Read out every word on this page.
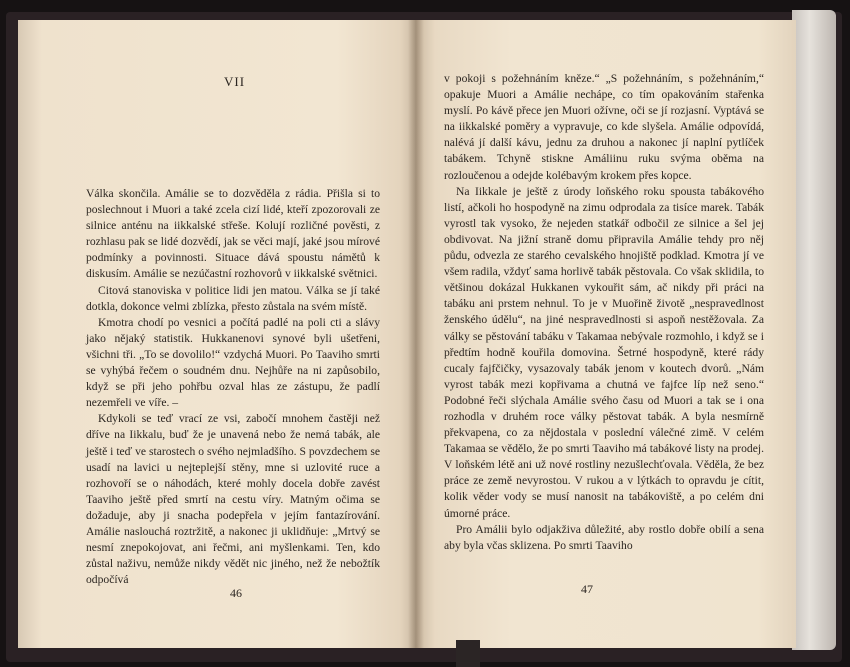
VII

Válka skončila. Amálie se to dozvěděla z rádia. Přišla si to poslechnout i Muori a také zcela cizí lidé, kteří zpozorovali ze silnice anténu na iikkalské střeše. Kolují rozličné pověsti, z rozhlasu pak se lidé dozvědí, jak se věci mají, jaké jsou mírové podmínky a povinnosti. Situace dává spoustu námětů k diskusím. Amálie se nezúčastní rozhovorů v iikkalské světnici.

Citová stanoviska v politice lidi jen matou. Válka se jí také dotkla, dokonce velmi zblízka, přesto zůstala na svém místě.

Kmotra chodí po vesnici a počítá padlé na poli cti a slávy jako nějaký statistik. Hukkanenovi synové byli ušetřeni, všichni tři. „To se dovolilo!“ vzdychá Muori. Po Taaviho smrti se vyhýbá řečem o soudném dnu. Nejhůře na ni zapůsobilo, když se při jeho pohřbu ozval hlas ze zástupu, že padlí nezemřeli ve víře. –

Kdykoli se teď vrací ze vsi, zabočí mnohem častěji než dříve na Iikkalu, buď že je unavená nebo že nemá tabák, ale ještě i teď ve starostech o svého nejmladšího. S povzdechem se usadí na lavici u nejteplejší stěny, mne si uzlovité ruce a rozhovoří se o náhodách, které mohly docela dobře zavést Taaviho ještě před smrtí na cestu víry. Matným očima se dožaduje, aby ji snacha podepřela v jejím fantazírování. Amálie naslouchá roztržitě, a nakonec ji uklidňuje: „Mrtvý se nesmí znepokojovat, ani řečmi, ani myšlenkami. Ten, kdo zůstal naživu, nemůže nikdy vědět nic jiného, než že nebožtík odpočívá

46

v pokoji s požehnáním kněze.“ „S požehnáním, s požehnáním,“ opakuje Muori a Amálie nechápe, co tím opakováním stařenka myslí. Po kávě přece jen Muori ožívne, oči se jí rozjasní. Vyptává se na iikkalské poměry a vypravuje, co kde slyšela. Amálie odpovídá, nalévá jí další kávu, jednu za druhou a nakonec jí naplní pytlíček tabákem. Tchyně stiskne Amáliinu ruku svýma oběma na rozloučenou a odejde kolébavým krokem přes kopce.

Na Iikkale je ještě z úrody loňského roku spousta tabákového listí, ačkoli ho hospodyně na zimu odprodala za tisíce marek. Tabák vyrostl tak vysoko, že nejeden statkář odbočil ze silnice a šel jej obdivovat. Na jižní straně domu připravila Amálie tehdy pro něj půdu, odvezla ze starého cevalského hnojiště podklad. Kmotra jí ve všem radila, vždyť sama horlivě tabák pěstovala. Co však sklidila, to většinou dokázal Hukkanen vykouřit sám, ač nikdy při práci na tabáku ani prstem nehnul. To je v Muořině životě „nespravedlnost ženského údělu“, na jiné nespravedlnosti si aspoň nestěžovala. Za války se pěstování tabáku v Takamaa nebývale rozmohlo, i když se i předtím hodně kouřila domovina. Šetrné hospodyně, které rády cucaly fajfčičky, vysazovaly tabák jenom v koutech dvorů. „Nám vyrost tabák mezi kopřivama a chutná ve fajfce líp než seno.“ Podobné řeči slýchala Amálie svého času od Muori a tak se i ona rozhodla v druhém roce války pěstovat tabák. A byla nesmírně překvapena, co za nějdostala v poslední válečné zimě. V celém Takamaa se vědělo, že po smrti Taaviho má tabákové listy na prodej. V loňském létě ani už nové rostliny nezušlechťovala. Věděla, že bez práce ze země nevyrostou. V rukou a v lýtkách to opravdu je cítit, kolik věder vody se musí nanosit na tabákoviště, a po celém dni úmorné práce.

Pro Amálii bylo odjakživa důležité, aby rostlo dobře obilí a sena aby byla včas sklizena. Po smrti Taaviho

47
